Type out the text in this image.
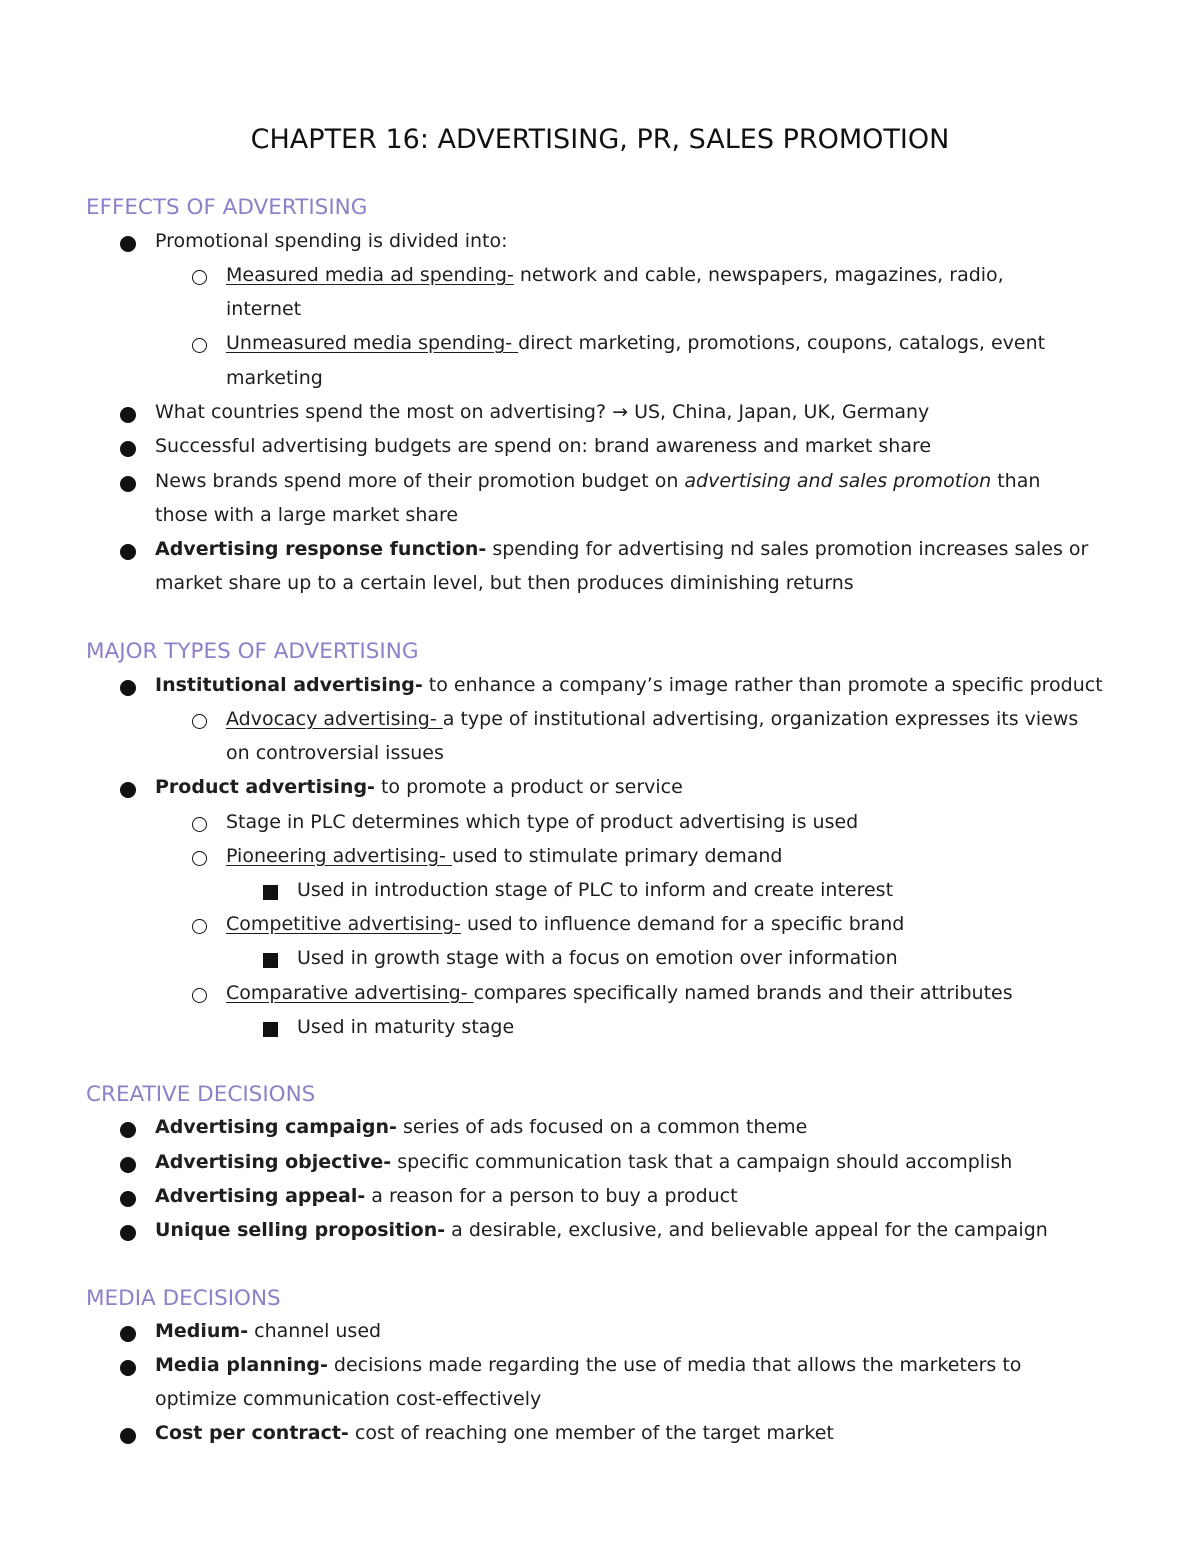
CHAPTER 16: ADVERTISING, PR, SALES PROMOTION
EFFECTS OF ADVERTISING
Promotional spending is divided into:
Measured media ad spending- network and cable, newspapers, magazines, radio,
internet
Unmeasured media spending- direct marketing, promotions, coupons, catalogs, event
marketing
What countries spend the most on advertising? → US, China, Japan, UK, Germany
Successful advertising budgets are spend on: brand awareness and market share
News brands spend more of their promotion budget on advertising and sales promotion than
those with a large market share
Advertising response function- spending for advertising nd sales promotion increases sales or
market share up to a certain level, but then produces diminishing returns
MAJOR TYPES OF ADVERTISING
Institutional advertising- to enhance a company’s image rather than promote a specific product
Advocacy advertising- a type of institutional advertising, organization expresses its views
on controversial issues
Product advertising- to promote a product or service
Stage in PLC determines which type of product advertising is used
Pioneering advertising- used to stimulate primary demand
Used in introduction stage of PLC to inform and create interest
Competitive advertising- used to influence demand for a specific brand
Used in growth stage with a focus on emotion over information
Comparative advertising- compares specifically named brands and their attributes
Used in maturity stage
CREATIVE DECISIONS
Advertising campaign- series of ads focused on a common theme
Advertising objective- specific communication task that a campaign should accomplish
Advertising appeal- a reason for a person to buy a product
Unique selling proposition- a desirable, exclusive, and believable appeal for the campaign
MEDIA DECISIONS
Medium- channel used
Media planning- decisions made regarding the use of media that allows the marketers to
optimize communication cost-effectively
Cost per contract- cost of reaching one member of the target market
